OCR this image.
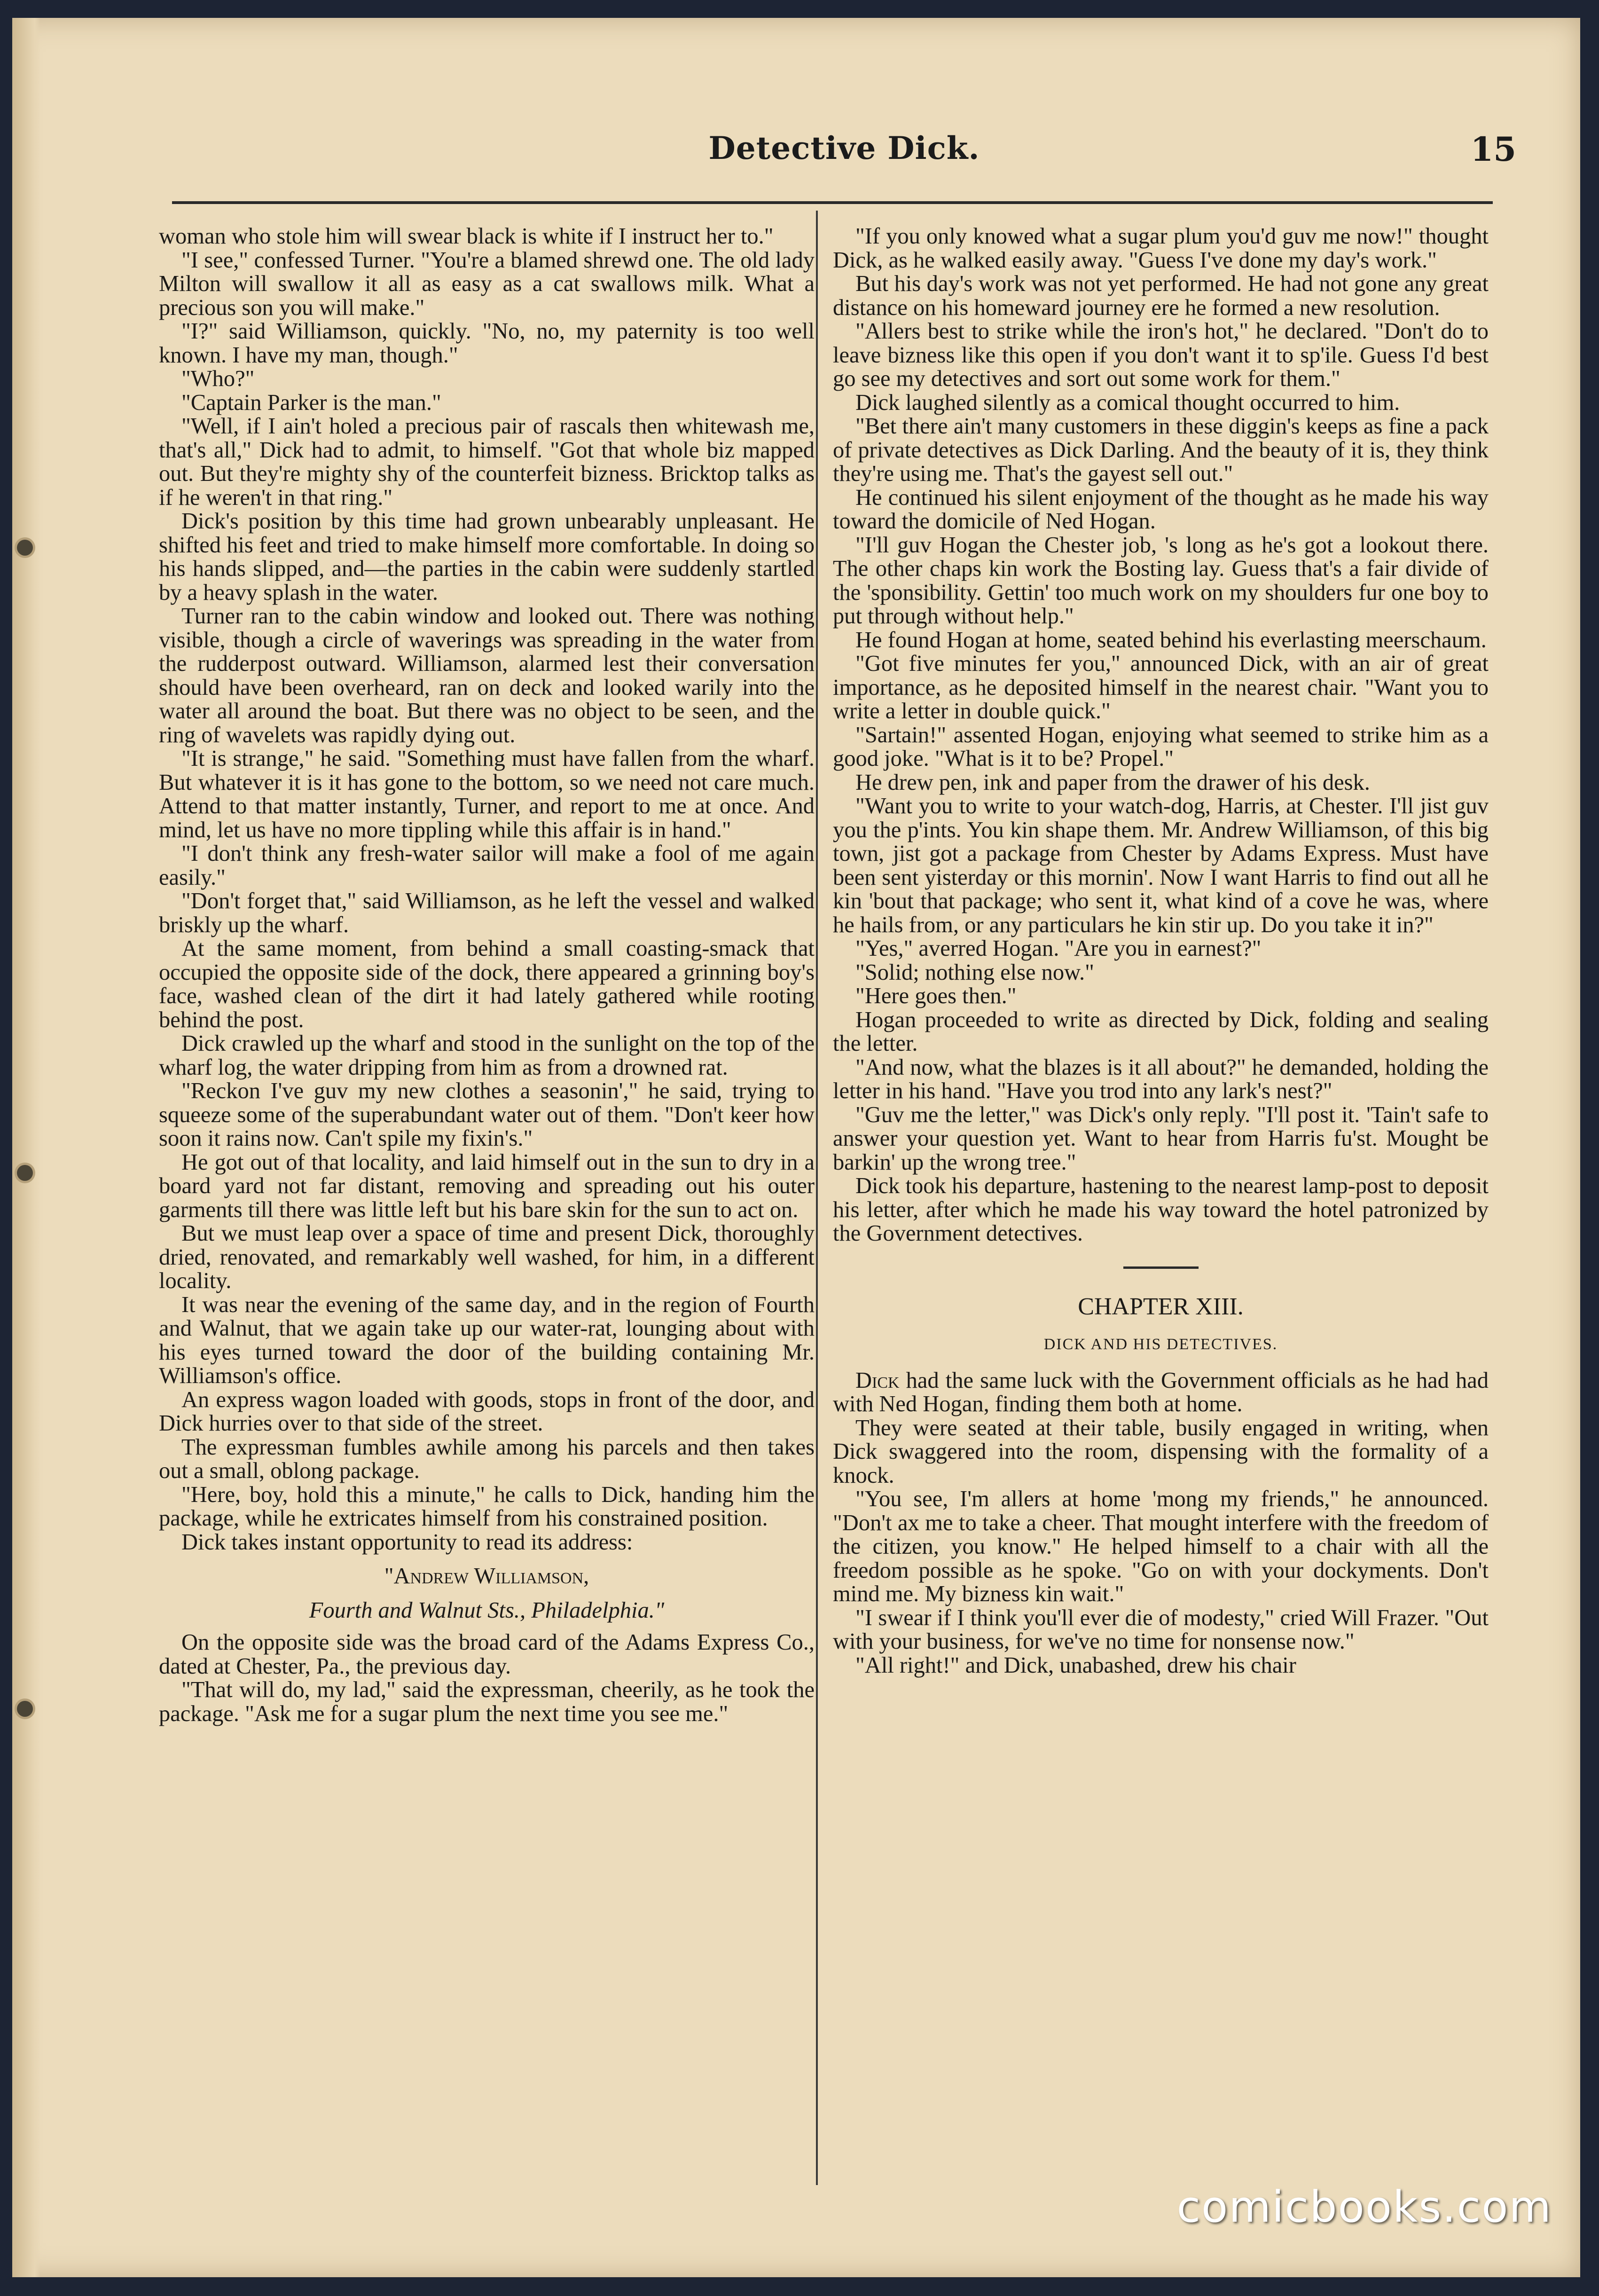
Detective Dick.	15

woman who stole him will swear black is white if I instruct her to."

"I see," confessed Turner. "You're a blamed shrewd one. The old lady Milton will swallow it all as easy as a cat swallows milk. What a precious son you will make."

"I?" said Williamson, quickly. "No, no, my paternity is too well known. I have my man, though."

"Who?"

"Captain Parker is the man."

"Well, if I ain't holed a precious pair of rascals then whitewash me, that's all," Dick had to admit, to himself. "Got that whole biz mapped out. But they're mighty shy of the counterfeit bizness. Bricktop talks as if he weren't in that ring."

Dick's position by this time had grown unbearably unpleasant. He shifted his feet and tried to make himself more comfortable. In doing so his hands slipped, and—the parties in the cabin were suddenly startled by a heavy splash in the water.

Turner ran to the cabin window and looked out. There was nothing visible, though a circle of waverings was spreading in the water from the rudderpost outward. Williamson, alarmed lest their conversation should have been overheard, ran on deck and looked warily into the water all around the boat. But there was no object to be seen, and the ring of wavelets was rapidly dying out.

"It is strange," he said. "Something must have fallen from the wharf. But whatever it is it has gone to the bottom, so we need not care much. Attend to that matter instantly, Turner, and report to me at once. And mind, let us have no more tippling while this affair is in hand."

"I don't think any fresh-water sailor will make a fool of me again easily."

"Don't forget that," said Williamson, as he left the vessel and walked briskly up the wharf.

At the same moment, from behind a small coasting-smack that occupied the opposite side of the dock, there appeared a grinning boy's face, washed clean of the dirt it had lately gathered while rooting behind the post.

Dick crawled up the wharf and stood in the sunlight on the top of the wharf log, the water dripping from him as from a drowned rat.

"Reckon I've guv my new clothes a seasonin'," he said, trying to squeeze some of the superabundant water out of them. "Don't keer how soon it rains now. Can't spile my fixin's."

He got out of that locality, and laid himself out in the sun to dry in a board yard not far distant, removing and spreading out his outer garments till there was little left but his bare skin for the sun to act on.

But we must leap over a space of time and present Dick, thoroughly dried, renovated, and remarkably well washed, for him, in a different locality.

It was near the evening of the same day, and in the region of Fourth and Walnut, that we again take up our water-rat, lounging about with his eyes turned toward the door of the building containing Mr. Williamson's office.

An express wagon loaded with goods, stops in front of the door, and Dick hurries over to that side of the street.

The expressman fumbles awhile among his parcels and then takes out a small, oblong package.

"Here, boy, hold this a minute," he calls to Dick, handing him the package, while he extricates himself from his constrained position.

Dick takes instant opportunity to read its address:

"Andrew Williamson,

Fourth and Walnut Sts., Philadelphia."

On the opposite side was the broad card of the Adams Express Co., dated at Chester, Pa., the previous day.

"That will do, my lad," said the expressman, cheerily, as he took the package. "Ask me for a sugar plum the next time you see me."

"If you only knowed what a sugar plum you'd guv me now!" thought Dick, as he walked easily away. "Guess I've done my day's work."

But his day's work was not yet performed. He had not gone any great distance on his homeward journey ere he formed a new resolution.

"Allers best to strike while the iron's hot," he declared. "Don't do to leave bizness like this open if you don't want it to sp'ile. Guess I'd best go see my detectives and sort out some work for them."

Dick laughed silently as a comical thought occurred to him.

"Bet there ain't many customers in these diggin's keeps as fine a pack of private detectives as Dick Darling. And the beauty of it is, they think they're using me. That's the gayest sell out."

He continued his silent enjoyment of the thought as he made his way toward the domicile of Ned Hogan.

"I'll guv Hogan the Chester job, 's long as he's got a lookout there. The other chaps kin work the Bosting lay. Guess that's a fair divide of the 'sponsibility. Gettin' too much work on my shoulders fur one boy to put through without help."

He found Hogan at home, seated behind his everlasting meerschaum.

"Got five minutes fer you," announced Dick, with an air of great importance, as he deposited himself in the nearest chair. "Want you to write a letter in double quick."

"Sartain!" assented Hogan, enjoying what seemed to strike him as a good joke. "What is it to be? Propel."

He drew pen, ink and paper from the drawer of his desk.

"Want you to write to your watch-dog, Harris, at Chester. I'll jist guv you the p'ints. You kin shape them. Mr. Andrew Williamson, of this big town, jist got a package from Chester by Adams Express. Must have been sent yisterday or this mornin'. Now I want Harris to find out all he kin 'bout that package; who sent it, what kind of a cove he was, where he hails from, or any particulars he kin stir up. Do you take it in?"

"Yes," averred Hogan. "Are you in earnest?"

"Solid; nothing else now."

"Here goes then."

Hogan proceeded to write as directed by Dick, folding and sealing the letter.

"And now, what the blazes is it all about?" he demanded, holding the letter in his hand. "Have you trod into any lark's nest?"

"Guv me the letter," was Dick's only reply. "I'll post it. 'Tain't safe to answer your question yet. Want to hear from Harris fu'st. Mought be barkin' up the wrong tree."

Dick took his departure, hastening to the nearest lamp-post to deposit his letter, after which he made his way toward the hotel patronized by the Government detectives.

CHAPTER XIII.

DICK AND HIS DETECTIVES.

Dick had the same luck with the Government officials as he had had with Ned Hogan, finding them both at home.

They were seated at their table, busily engaged in writing, when Dick swaggered into the room, dispensing with the formality of a knock.

"You see, I'm allers at home 'mong my friends," he announced. "Don't ax me to take a cheer. That mought interfere with the freedom of the citizen, you know." He helped himself to a chair with all the freedom possible as he spoke. "Go on with your dockyments. Don't mind me. My bizness kin wait."

"I swear if I think you'll ever die of modesty," cried Will Frazer. "Out with your business, for we've no time for nonsense now."

"All right!" and Dick, unabashed, drew his chair

comicbooks.com
